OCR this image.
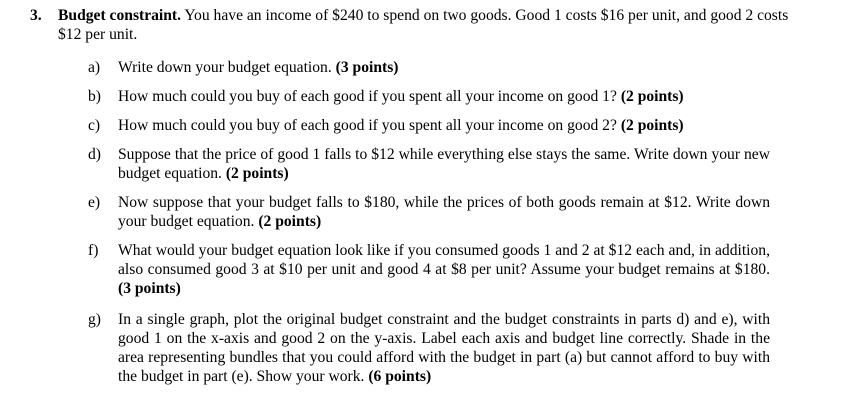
3. Budget constraint. You have an income of $240 to spend on two goods. Good 1 costs $16 per unit, and good 2 costs $12 per unit.
a)	Write down your budget equation. (3 points)
b)	How much could you buy of each good if you spent all your income on good 1? (2 points)
c)	How much could you buy of each good if you spent all your income on good 2? (2 points)
d)	Suppose that the price of good 1 falls to $12 while everything else stays the same. Write down your new budget equation. (2 points)
e)	Now suppose that your budget falls to $180, while the prices of both goods remain at $12. Write down your budget equation. (2 points)
f)	What would your budget equation look like if you consumed goods 1 and 2 at $12 each and, in addition, also consumed good 3 at $10 per unit and good 4 at $8 per unit? Assume your budget remains at $180. (3 points)
g)	In a single graph, plot the original budget constraint and the budget constraints in parts d) and e), with good 1 on the x-axis and good 2 on the y-axis. Label each axis and budget line correctly. Shade in the area representing bundles that you could afford with the budget in part (a) but cannot afford to buy with the budget in part (e). Show your work. (6 points)
